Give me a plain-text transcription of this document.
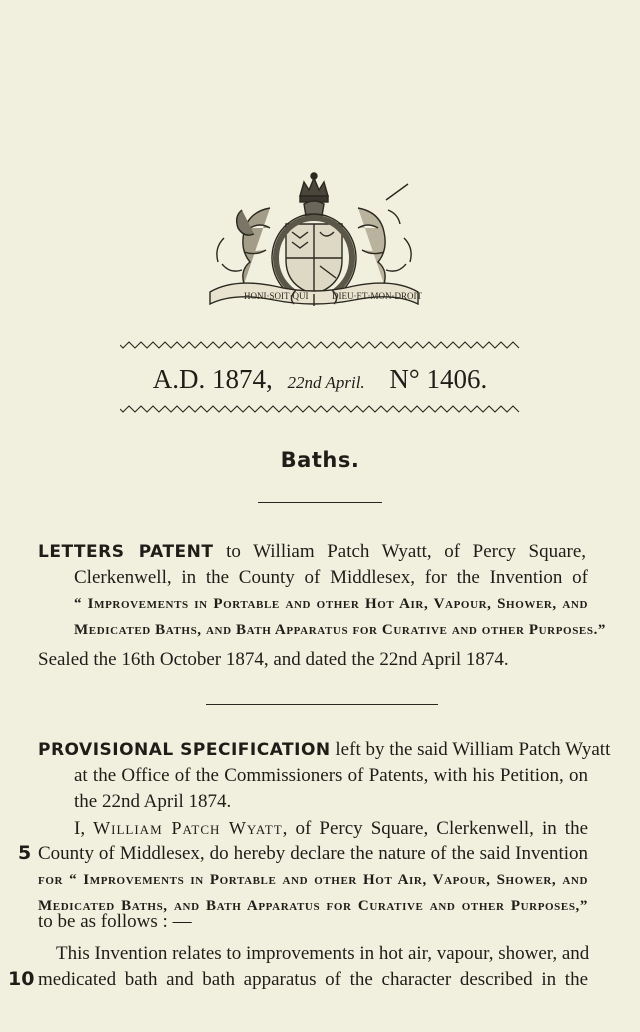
HONI·SOIT·QUI	DIEU·ET·MON·DROIT
A.D. 1874, 22nd April. N° 1406.
Baths.
LETTERS PATENT to William Patch Wyatt, of Percy Square,
Clerkenwell, in the County of Middlesex, for the Invention of
“ Improvements in Portable and other Hot Air, Vapour, Shower, and
Medicated Baths, and Bath Apparatus for Curative and other Purposes.”
Sealed the 16th October 1874, and dated the 22nd April 1874.
PROVISIONAL SPECIFICATION left by the said William Patch Wyatt
at the Office of the Commissioners of Patents, with his Petition, on
the 22nd April 1874.
I, William Patch Wyatt, of Percy Square, Clerkenwell, in the
5 County of Middlesex, do hereby declare the nature of the said Invention
for “ Improvements in Portable and other Hot Air, Vapour, Shower, and
Medicated Baths, and Bath Apparatus for Curative and other Purposes,”
to be as follows : —
This Invention relates to improvements in hot air, vapour, shower, and
10 medicated bath and bath apparatus of the character described in the
